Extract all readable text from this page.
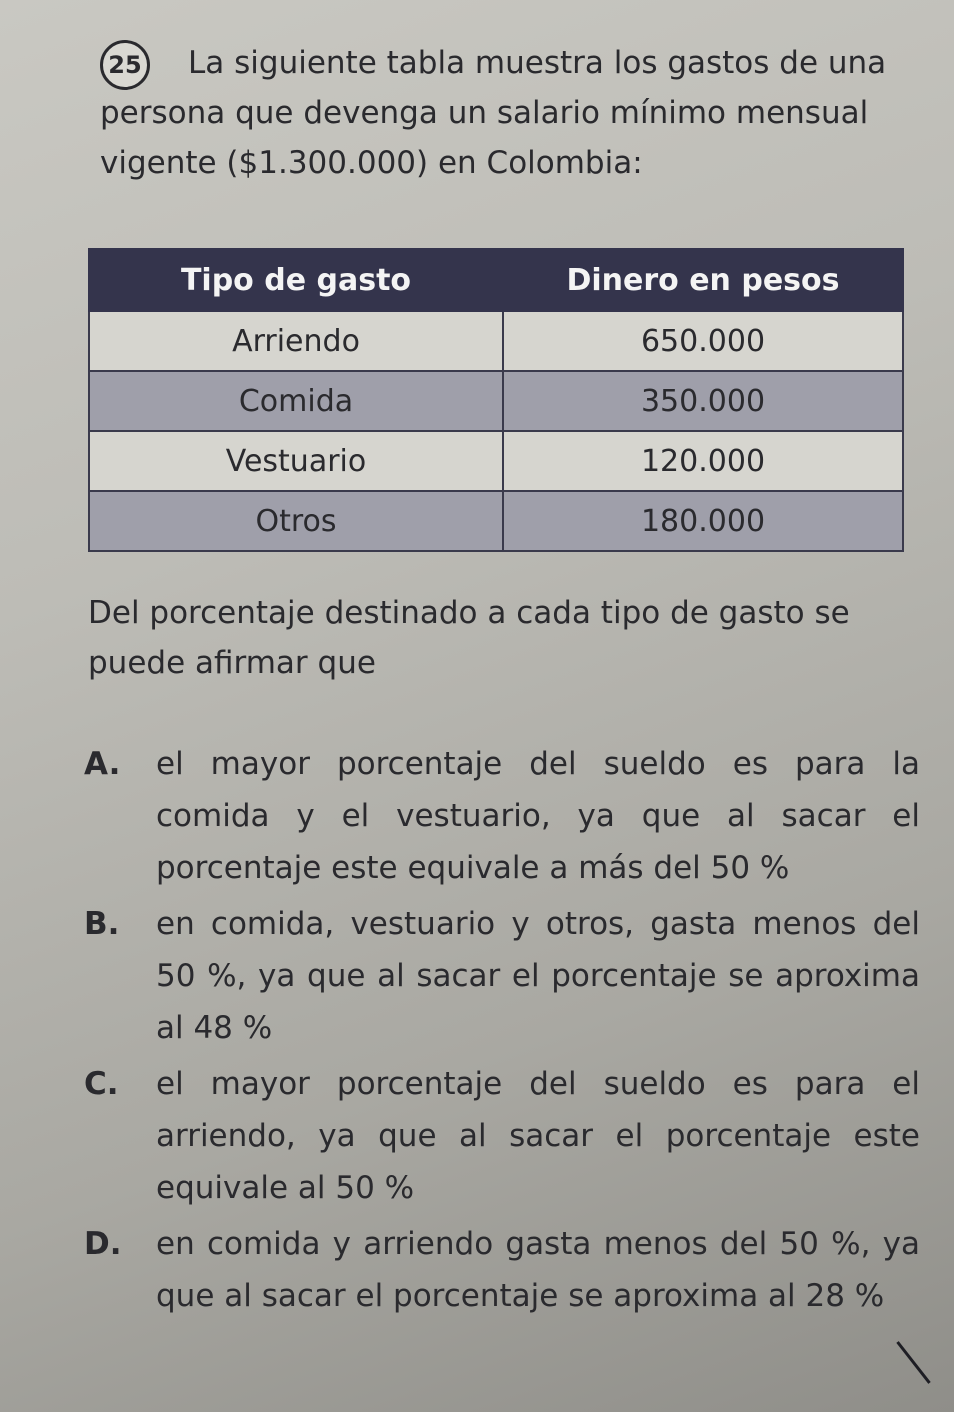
25	La siguiente tabla muestra los gastos de una persona que devenga un salario mínimo mensual vigente ($1.300.000) en Colombia:

Tipo de gasto	Dinero en pesos
Arriendo	650.000
Comida	350.000
Vestuario	120.000
Otros	180.000

Del porcentaje destinado a cada tipo de gasto se puede afirmar que

A. el mayor porcentaje del sueldo es para la comida y el vestuario, ya que al sacar el porcentaje este equivale a más del 50 %
B. en comida, vestuario y otros, gasta menos del 50 %, ya que al sacar el porcentaje se aproxima al 48 %
C. el mayor porcentaje del sueldo es para el arriendo, ya que al sacar el porcentaje este equivale al 50 %
D. en comida y arriendo gasta menos del 50 %, ya que al sacar el porcentaje se aproxima al 28 %
